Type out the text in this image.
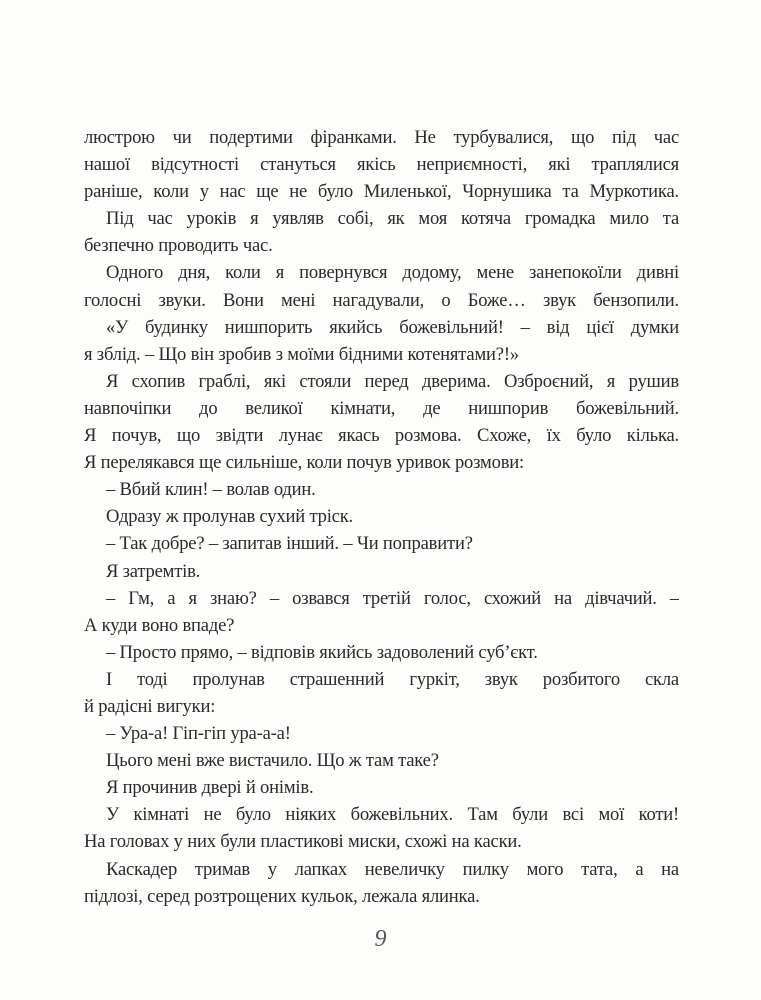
люстрою чи подертими фіранками. Не турбувалися, що під час
нашої відсутності станутьcя якісь неприємності, які траплялися
раніше, коли у нас ще не було Миленької, Чорнушика та Муркотика.
Під час уроків я уявляв собі, як моя котяча громадка мило та
безпечно проводить час.
Одного дня, коли я повернувся додому, мене занепокоїли дивні
голосні звуки. Вони мені нагадували, о Боже… звук бензопили.
«У будинку нишпорить якийсь божевільний! – від цієї думки
я зблід. – Що він зробив з моїми бідними котенятами?!»
Я схопив граблі, які стояли перед дверима. Озброєний, я рушив
навпочіпки до великої кімнати, де нишпорив божевільний.
Я почув, що звідти лунає якась розмова. Схоже, їх було кілька.
Я перелякався ще сильніше, коли почув уривок розмови:
– Вбий клин! – волав один.
Одразу ж пролунав сухий тріск.
– Так добре? – запитав інший. – Чи поправити?
Я затремтів.
– Гм, а я знаю? – озвався третій голос, схожий на дівчачий. –
А куди воно впаде?
– Просто прямо, – відповів якийсь задоволений суб’єкт.
І тоді пролунав страшенний гуркіт, звук розбитого скла
й радісні вигуки:
– Ура-а! Гіп-гіп ура-а-а!
Цього мені вже вистачило. Що ж там таке?
Я прочинив двері й онімів.
У кімнаті не було ніяких божевільних. Там були всі мої коти!
На головах у них були пластикові миски, схожі на каски.
Каскадер тримав у лапках невеличку пилку мого тата, а на
підлозі, серед розтрощених кульок, лежала ялинка.
9
